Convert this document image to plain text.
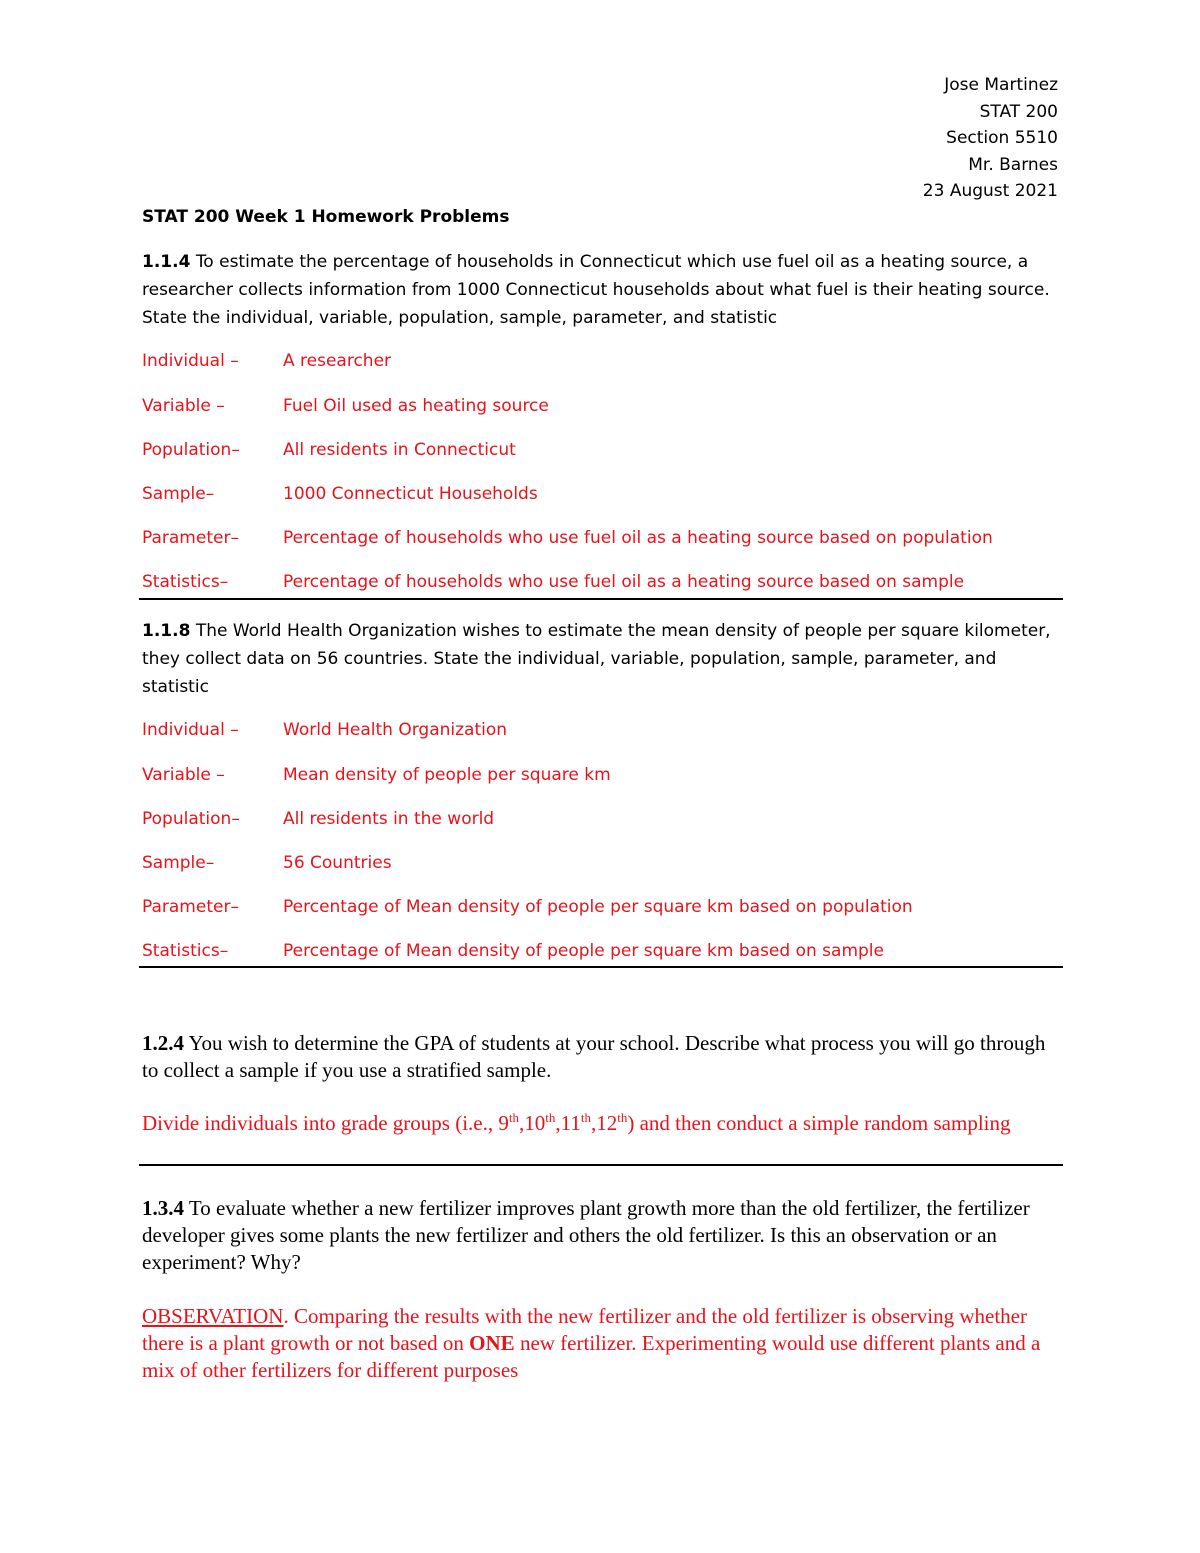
Jose Martinez
STAT 200
Section 5510
Mr. Barnes
23 August 2021
STAT 200 Week 1 Homework Problems
1.1.4 To estimate the percentage of households in Connecticut which use fuel oil as a heating source, a researcher collects information from 1000 Connecticut households about what fuel is their heating source. State the individual, variable, population, sample, parameter, and statistic
Individual –	A researcher
Variable –	Fuel Oil used as heating source
Population–	All residents in Connecticut
Sample–	1000 Connecticut Households
Parameter–	Percentage of households who use fuel oil as a heating source based on population
Statistics–	Percentage of households who use fuel oil as a heating source based on sample
1.1.8 The World Health Organization wishes to estimate the mean density of people per square kilometer, they collect data on 56 countries. State the individual, variable, population, sample, parameter, and statistic
Individual –	World Health Organization
Variable –	Mean density of people per square km
Population–	All residents in the world
Sample–	56 Countries
Parameter–	Percentage of Mean density of people per square km based on population
Statistics–	Percentage of Mean density of people per square km based on sample
1.2.4 You wish to determine the GPA of students at your school. Describe what process you will go through to collect a sample if you use a stratified sample.
Divide individuals into grade groups (i.e., 9th,10th,11th,12th) and then conduct a simple random sampling
1.3.4 To evaluate whether a new fertilizer improves plant growth more than the old fertilizer, the fertilizer developer gives some plants the new fertilizer and others the old fertilizer. Is this an observation or an experiment? Why?
OBSERVATION. Comparing the results with the new fertilizer and the old fertilizer is observing whether there is a plant growth or not based on ONE new fertilizer. Experimenting would use different plants and a mix of other fertilizers for different purposes
